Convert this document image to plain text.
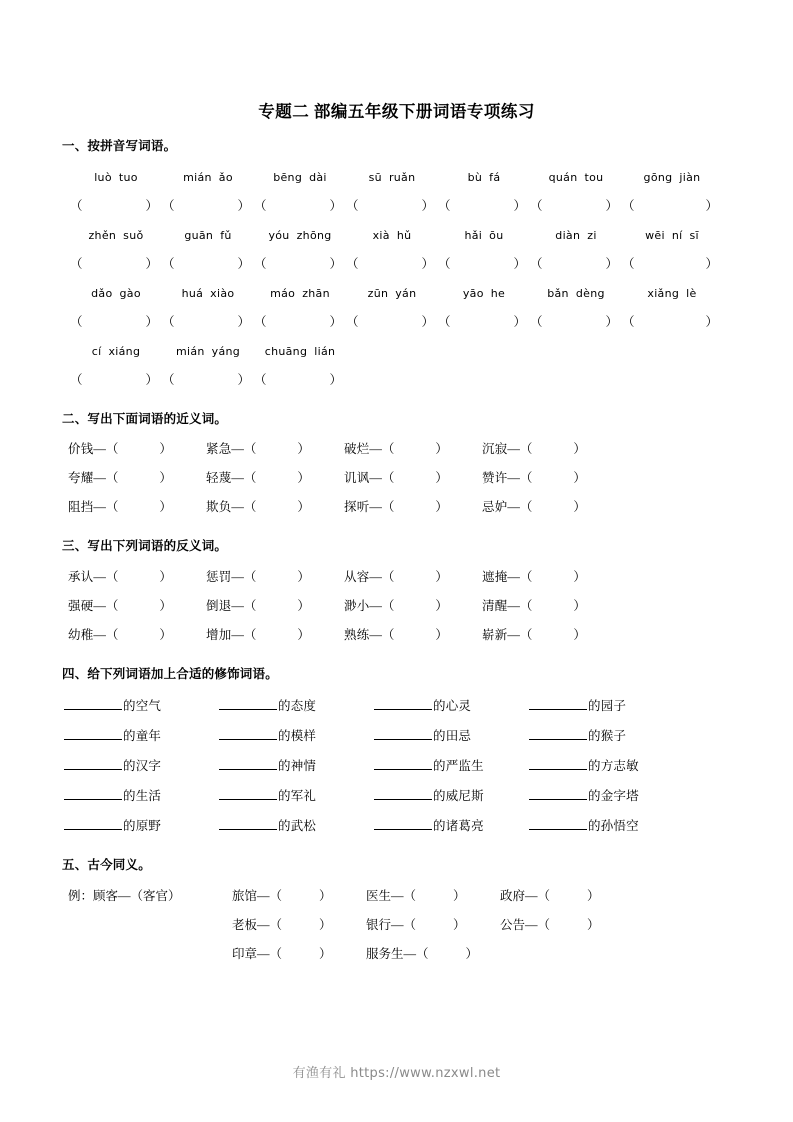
专题二 部编五年级下册词语专项练习
一、按拼音写词语。
luò tuo	mián ǎo	bēng dài	sū ruǎn	bù fá	quán tou	gōng jiàn
（	） （	） （	） （	） （	） （	） （	）
zhěn suǒ	guān fǔ	yóu zhōng	xià hǔ	hǎi ōu	diàn zi	wēi ní sī
（	） （	） （	） （	） （	） （	） （	）
dǎo gào	huá xiào	máo zhān	zūn yán	yāo he	bǎn dèng	xiǎng lè
（	） （	） （	） （	） （	） （	） （	）
cí xiáng	mián yáng	chuāng lián
（	） （	） （	）
二、写出下面词语的近义词。
价钱 — （	）	紧急 — （	）	破烂 — （	）	沉寂 — （	）
夸耀 — （	）	轻蔑 — （	）	讥讽 — （	）	赞许 — （	）
阻挡 — （	）	欺负 — （	）	探听 — （	）	忌妒 — （	）
三、写出下列词语的反义词。
承认 — （	）	惩罚 — （	）	从容 — （	）	遮掩 — （	）
强硬 — （	）	倒退 — （	）	渺小 — （	）	清醒 — （	）
幼稚 — （	）	增加 — （	）	熟练 — （	）	崭新 — （	）
四、给下列词语加上合适的修饰词语。
的空气	的态度	的心灵	的园子
的童年	的模样	的田忌	的猴子
的汉字	的神情	的严监生	的方志敏
的生活	的军礼	的威尼斯	的金字塔
的原野	的武松	的诸葛亮	的孙悟空
五、古今同义。
例：顾客—（客官）	旅馆 — （	）	医生 — （	）	政府 — （	）
老板 — （	）	银行 — （	）	公告 — （	）
印章 — （	）	服务生 — （	）
有渔有礼 https://www.nzxwl.net
